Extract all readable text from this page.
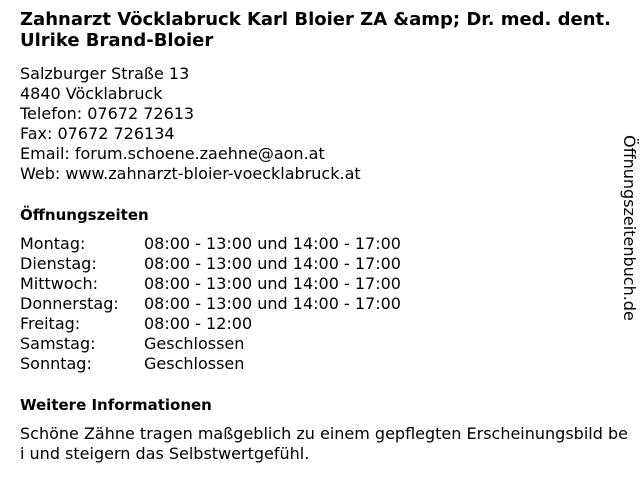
Zahnarzt Vöcklabruck Karl Bloier ZA &amp; Dr. med. dent. Ulrike Brand-Bloier
Salzburger Straße 13
4840 Vöcklabruck
Telefon: 07672 72613
Fax: 07672 726134
Email: forum.schoene.zaehne@aon.at
Web: www.zahnarzt-bloier-voecklabruck.at
Öffnungszeiten
Montag:	08:00 - 13:00 und 14:00 - 17:00
Dienstag:	08:00 - 13:00 und 14:00 - 17:00
Mittwoch:	08:00 - 13:00 und 14:00 - 17:00
Donnerstag: 08:00 - 13:00 und 14:00 - 17:00
Freitag:	08:00 - 12:00
Samstag:	Geschlossen
Sonntag:	Geschlossen
Weitere Informationen
Schöne Zähne tragen maßgeblich zu einem gepflegten Erscheinungsbild bei und steigern das Selbstwertgefühl.
Öffnungszeitenbuch.de
